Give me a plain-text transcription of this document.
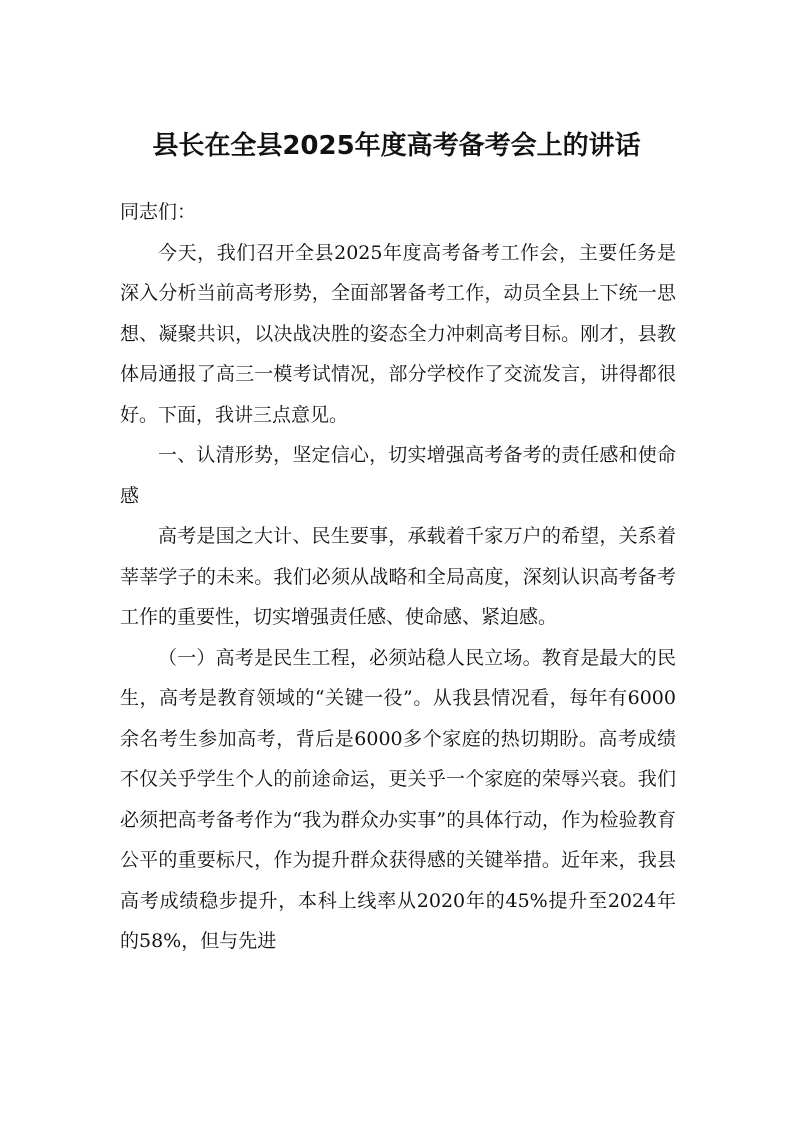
县长在全县2025年度高考备考会上的讲话

同志们：

今天，我们召开全县2025年度高考备考工作会，主要任务是深入分析当前高考形势，全面部署备考工作，动员全县上下统一思想、凝聚共识，以决战决胜的姿态全力冲刺高考目标。刚才，县教体局通报了高三一模考试情况，部分学校作了交流发言，讲得都很好。下面，我讲三点意见。

一、认清形势，坚定信心，切实增强高考备考的责任感和使命感

高考是国之大计、民生要事，承载着千家万户的希望，关系着莘莘学子的未来。我们必须从战略和全局高度，深刻认识高考备考工作的重要性，切实增强责任感、使命感、紧迫感。

（一）高考是民生工程，必须站稳人民立场。教育是最大的民生，高考是教育领域的“关键一役”。从我县情况看，每年有6000余名考生参加高考，背后是6000多个家庭的热切期盼。高考成绩不仅关乎学生个人的前途命运，更关乎一个家庭的荣辱兴衰。我们必须把高考备考作为“我为群众办实事”的具体行动，作为检验教育公平的重要标尺，作为提升群众获得感的关键举措。近年来，我县高考成绩稳步提升，本科上线率从2020年的45%提升至2024年的58%，但与先进
